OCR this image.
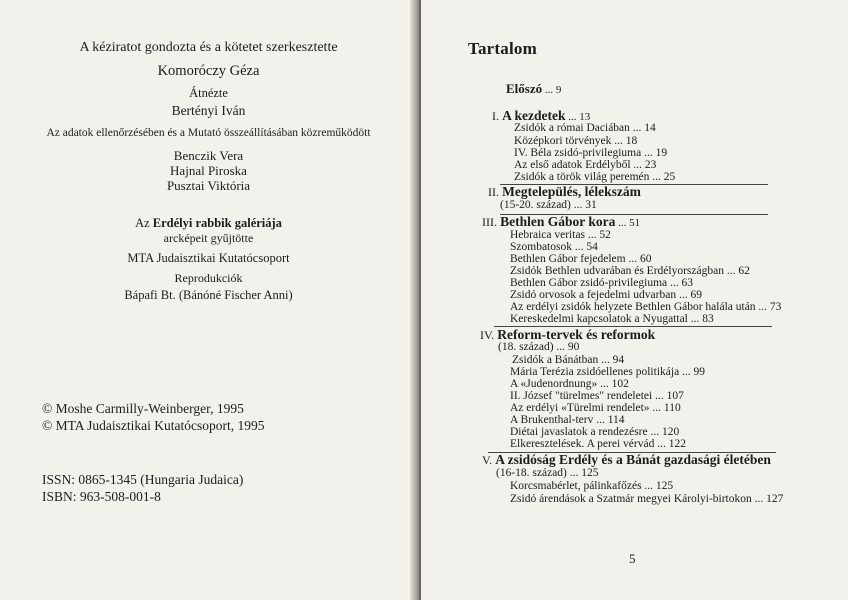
A kéziratot gondozta és a kötetet szerkesztette
Komoróczy Géza
Átnézte
Bertényi Iván
Az adatok ellenőrzésében és a Mutató összeállításában közreműködött
Benczik Vera
Hajnal Piroska
Pusztai Viktória
Az Erdélyi rabbik galériája
arcképeit gyűjtötte
MTA Judaisztikai Kutatócsoport
Reprodukciók
Bápafi Bt. (Bánóné Fischer Anni)
© Moshe Carmilly-Weinberger, 1995
© MTA Judaisztikai Kutatócsoport, 1995
ISSN: 0865-1345 (Hungaria Judaica)
ISBN: 963-508-001-8
Tartalom
Előszó ... 9
I. A kezdetek ... 13
Zsidók a római Daciában ... 14
Középkori törvények ... 18
IV. Béla zsidó-privilegiuma ... 19
Az első adatok Erdélyből ... 23
Zsidók a török világ peremén ... 25
II. Megtelepülés, lélekszám
(15-20. század) ... 31
III. Bethlen Gábor kora ... 51
Hebraica veritas ... 52
Szombatosok ... 54
Bethlen Gábor fejedelem ... 60
Zsidók Bethlen udvarában és Erdélyországban ... 62
Bethlen Gábor zsidó-privilegiuma ... 63
Zsidó orvosok a fejedelmi udvarban ... 69
Az erdélyi zsidók helyzete Bethlen Gábor halála után ... 73
Kereskedelmi kapcsolatok a Nyugattal ... 83
IV. Reform-tervek és reformok
(18. század) ... 90
Zsidók a Bánátban ... 94
Mária Terézia zsidóellenes politikája ... 99
A «Judenordnung» ... 102
II. József "türelmes" rendeletei ... 107
Az erdélyi «Türelmi rendelet» ... 110
A Brukenthal-terv ... 114
Diétai javaslatok a rendezésre ... 120
Elkeresztelések. A perei vérvád ... 122
V. A zsidóság Erdély és a Bánát gazdasági életében
(16-18. század) ... 125
Korcsmabérlet, pálinkafőzés ... 125
Zsidó árendások a Szatmár megyei Károlyi-birtokon ... 127
5
